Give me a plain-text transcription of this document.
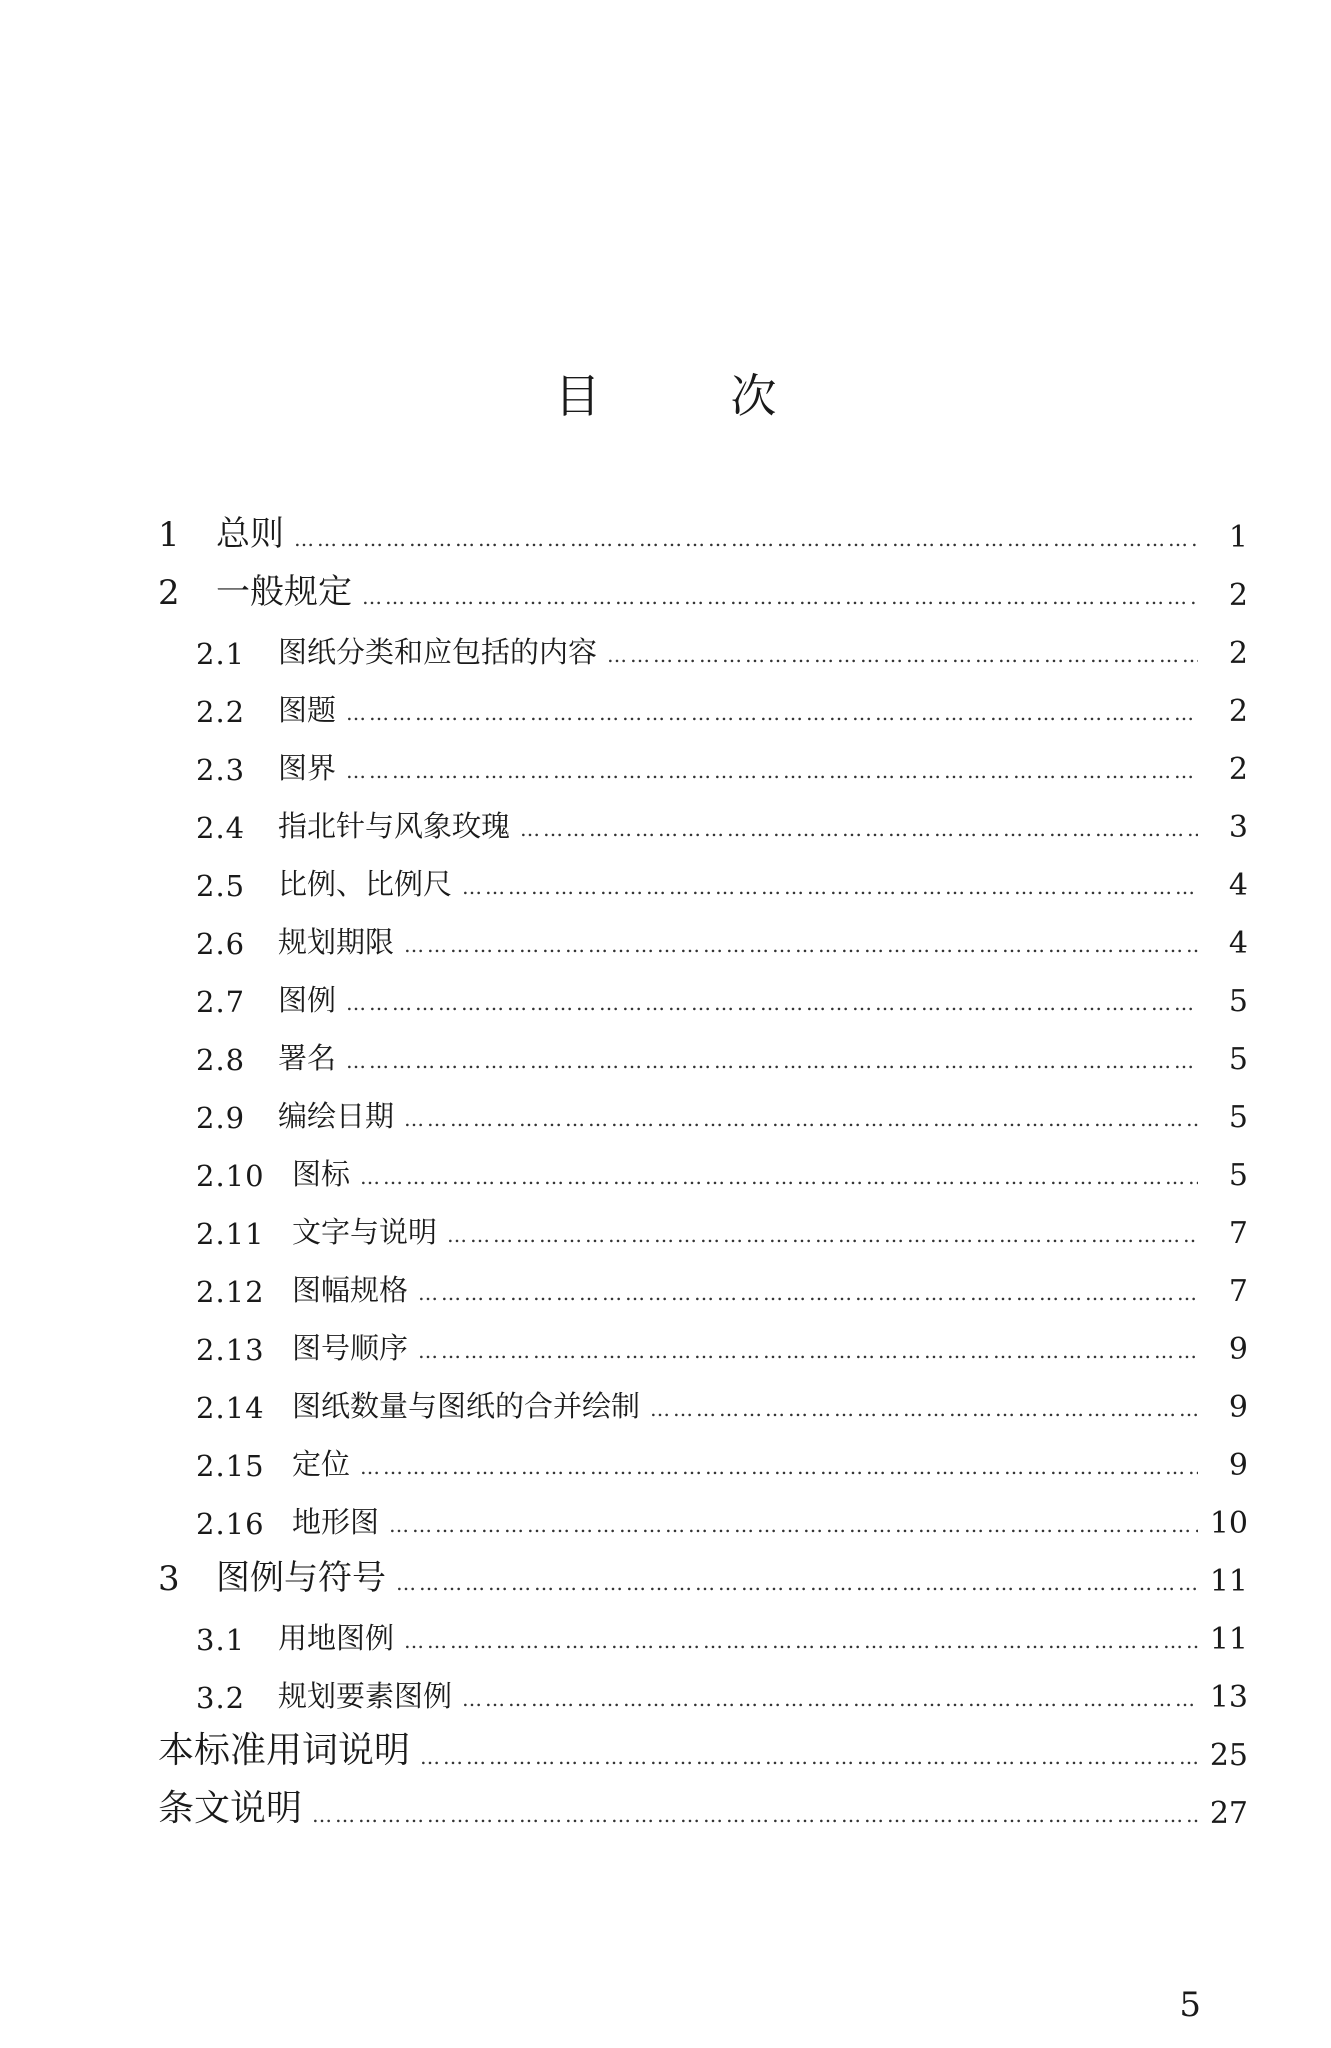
目	次
1	总则 …………………………………………………………………………………………………………………………………………………………………………………………	1
2	一般规定 …………………………………………………………………………………………………………………………………………………………………………………………	2
2.1	图纸分类和应包括的内容 …………………………………………………………………………………………………………………………………………………………………………………………	2
2.2	图题 …………………………………………………………………………………………………………………………………………………………………………………………	2
2.3	图界 …………………………………………………………………………………………………………………………………………………………………………………………	2
2.4	指北针与风象玫瑰 …………………………………………………………………………………………………………………………………………………………………………………………	3
2.5	比例、比例尺 …………………………………………………………………………………………………………………………………………………………………………………………	4
2.6	规划期限 …………………………………………………………………………………………………………………………………………………………………………………………	4
2.7	图例 …………………………………………………………………………………………………………………………………………………………………………………………	5
2.8	署名 …………………………………………………………………………………………………………………………………………………………………………………………	5
2.9	编绘日期 …………………………………………………………………………………………………………………………………………………………………………………………	5
2.10 图标 …………………………………………………………………………………………………………………………………………………………………………………………	5
2.11 文字与说明 …………………………………………………………………………………………………………………………………………………………………………………………	7
2.12 图幅规格 …………………………………………………………………………………………………………………………………………………………………………………………	7
2.13 图号顺序 …………………………………………………………………………………………………………………………………………………………………………………………	9
2.14 图纸数量与图纸的合并绘制 …………………………………………………………………………………………………………………………………………………………………………………………	9
2.15 定位 …………………………………………………………………………………………………………………………………………………………………………………………	9
2.16 地形图 …………………………………………………………………………………………………………………………………………………………………………………………	10
3	图例与符号 …………………………………………………………………………………………………………………………………………………………………………………………	11
3.1	用地图例 …………………………………………………………………………………………………………………………………………………………………………………………	11
3.2	规划要素图例 …………………………………………………………………………………………………………………………………………………………………………………………	13
本标准用词说明 …………………………………………………………………………………………………………………………………………………………………………………………	25
条文说明 …………………………………………………………………………………………………………………………………………………………………………………………	27
5
